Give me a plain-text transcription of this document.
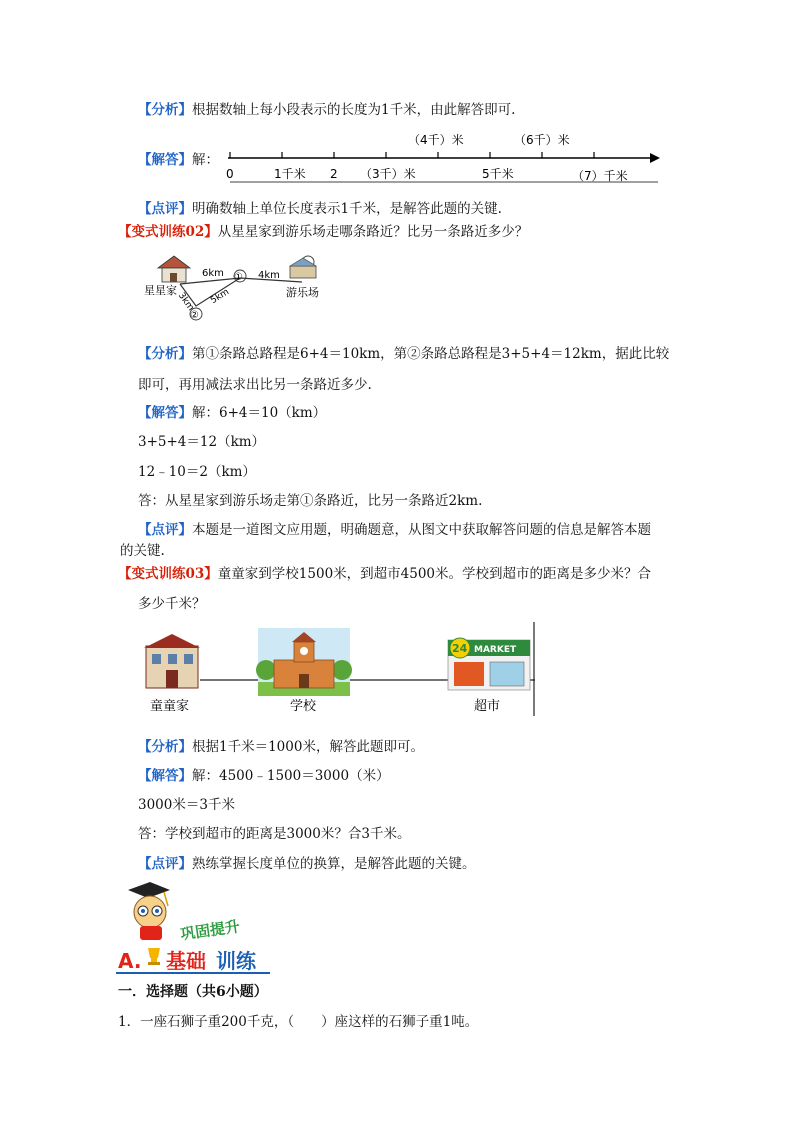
【分析】根据数轴上每小段表示的长度为1千米，由此解答即可.
【解答】解：
0	1千米 2 （3千）米	5千米	（7）千米
（4千）米	（6千）米
【点评】明确数轴上单位长度表示1千米，是解答此题的关键.
【变式训练02】从星星家到游乐场走哪条路近？比另一条路近多少？
①
②
6km	4km
3km 5km
星星家	游乐场
【分析】第①条路总路程是6+4＝10km，第②条路总路程是3+5+4＝12km，据此比较
即可，再用减法求出比另一条路近多少.
【解答】解：6+4＝10（km）
3+5+4＝12（km）
12﹣10＝2（km）
答：从星星家到游乐场走第①条路近，比另一条路近2km.
【点评】本题是一道图文应用题，明确题意，从图文中获取解答问题的信息是解答本题
的关键.
【变式训练03】童童家到学校1500米，到超市4500米。学校到超市的距离是多少米？合
多少千米？
24 MARKET
童童家	学校	超市
【分析】根据1千米＝1000米，解答此题即可。
【解答】解：4500﹣1500＝3000（米）
3000米＝3千米
答：学校到超市的距离是3000米？合3千米。
【点评】熟练掌握长度单位的换算，是解答此题的关键。
巩固提升
A. 基础 训练
一．选择题（共6小题）
1．一座石狮子重200千克，（　　）座这样的石狮子重1吨。
